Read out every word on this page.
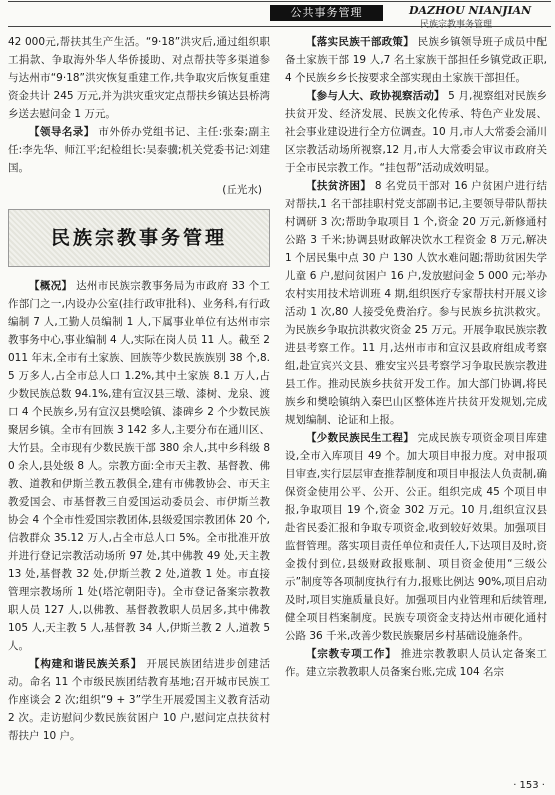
公共事务管理	DAZHOU NIANJIAN
民族宗教事务管理

42 000元,帮扶其生产生活。“9·18”洪灾后,通过组织职工捐款、争取海外华人华侨援助、对点帮扶等多渠道参与达州市“9·18”洪灾恢复重建工作,共争取灾后恢复重建资金共计 245 万元,并为洪灾重灾定点帮扶乡镇达县桥湾乡送去慰问金 1 万元。

【领导名录】 市外侨办党组书记、主任:张秦;副主任:李先华、师江平;纪检组长:吴泰骥;机关党委书记:刘建国。

(丘光水)

民族宗教事务管理

【概况】 达州市民族宗教事务局为市政府 33 个工作部门之一,内设办公室(挂行政审批科)、业务科,有行政编制 7 人,工勤人员编制 1 人,下属事业单位有达州市宗教事务中心,事业编制 4 人,实际在岗人员 11 人。截至 2011 年末,全市有土家族、回族等少数民族族别 38 个,8.5 万多人,占全市总人口 1.2%,其中土家族 8.1 万人,占少数民族总数 94.1%,建有宣汉县三墩、漆树、龙泉、渡口 4 个民族乡,另有宣汉县樊哙镇、漆碑乡 2 个少数民族聚居乡镇。全市有回族 3 142 多人,主要分布在通川区、大竹县。全市现有少数民族干部 380 余人,其中乡科级 80 余人,县处级 8 人。宗教方面:全市天主教、基督教、佛教、道教和伊斯兰教五教俱全,建有市佛教协会、市天主教爱国会、市基督教三自爱国运动委员会、市伊斯兰教协会 4 个全市性爱国宗教团体,县级爱国宗教团体 20 个,信教群众 35.12 万人,占全市总人口 5%。全市批准开放并进行登记宗教活动场所 97 处,其中佛教 49 处,天主教 13 处,基督教 32 处,伊斯兰教 2 处,道教 1 处。市直接管理宗教场所 1 处(塔沱朝阳寺)。全市登记备案宗教教职人员 127 人,以佛教、基督教教职人员居多,其中佛教 105 人,天主教 5 人,基督教 34 人,伊斯兰教 2 人,道教 5 人。

【构建和谐民族关系】 开展民族团结进步创建活动。命名 11 个市级民族团结教育基地;召开城市民族工作座谈会 2 次;组织“9 + 3”学生开展爱国主义教育活动 2 次。走访慰问少数民族贫困户 10 户,慰问定点扶贫村帮扶户 10 户。

【落实民族干部政策】 民族乡镇领导班子成员中配备土家族干部 19 人,7 名土家族干部担任乡镇党政正职,4 个民族乡乡长按要求全部实现由土家族干部担任。

【参与人大、政协视察活动】 5 月,视察组对民族乡扶贫开发、经济发展、民族文化传承、特色产业发展、社会事业建设进行全方位调查。10 月,市人大常委会涌川区宗教活动场所视察,12 月,市人大常委会审议市政府关于全市民宗教工作。“挂包帮”活动成效明显。

【扶贫济困】 8 名党员干部对 16 户贫困户进行结对帮扶,1 名干部挂职村党支部副书记,主要领导带队帮扶村调研 3 次;帮助争取项目 1 个,资金 20 万元,新修通村公路 3 千米;协调县财政解决饮水工程资金 8 万元,解决 1 个居民集中点 30 户 130 人饮水难问题;帮助贫困失学儿童 6 户,慰问贫困户 16 户,发放慰问金 5 000 元;举办农村实用技术培训班 4 期,组织医疗专家帮扶村开展义诊活动 1 次,80 人接受免费治疗。参与民族乡抗洪救灾。为民族乡争取抗洪救灾资金 25 万元。开展争取民族宗教进县考察工作。11 月,达州市市和宣汉县政府组成考察组,赴宣宾兴文县、雅安宝兴县考察学习争取民族宗教进县工作。推动民族乡扶贫开发工作。加大部门协调,将民族乡和樊哙镇纳入秦巴山区整体连片扶贫开发规划,完成规划编制、论证和上报。

【少数民族民生工程】 完成民族专项资金项目库建设,全市入库项目 49 个。加大项目申报力度。对申报项目审查,实行层层审查推荐制度和项目申报法人负责制,确保资金使用公平、公开、公正。组织完成 45 个项目申报,争取项目 19 个,资金 302 万元。10 月,组织宣汉县赴省民委汇报和争取专项资金,收到较好效果。加强项目监督管理。落实项目责任单位和责任人,下达项目及时,资金拨付到位,县级财政报账制、项目资金使用“三级公示”制度等各项制度执行有力,报账比例达 90%,项目启动及时,项目实施质量良好。加强项目内业管理和后续管理,健全项目档案制度。民族专项资金支持达州市硬化通村公路 36 千米,改善少数民族聚居乡村基础设施条件。

【宗教专项工作】 推进宗教教职人员认定备案工作。建立宗教教职人员备案台账,完成 104 名宗

· 153 ·
